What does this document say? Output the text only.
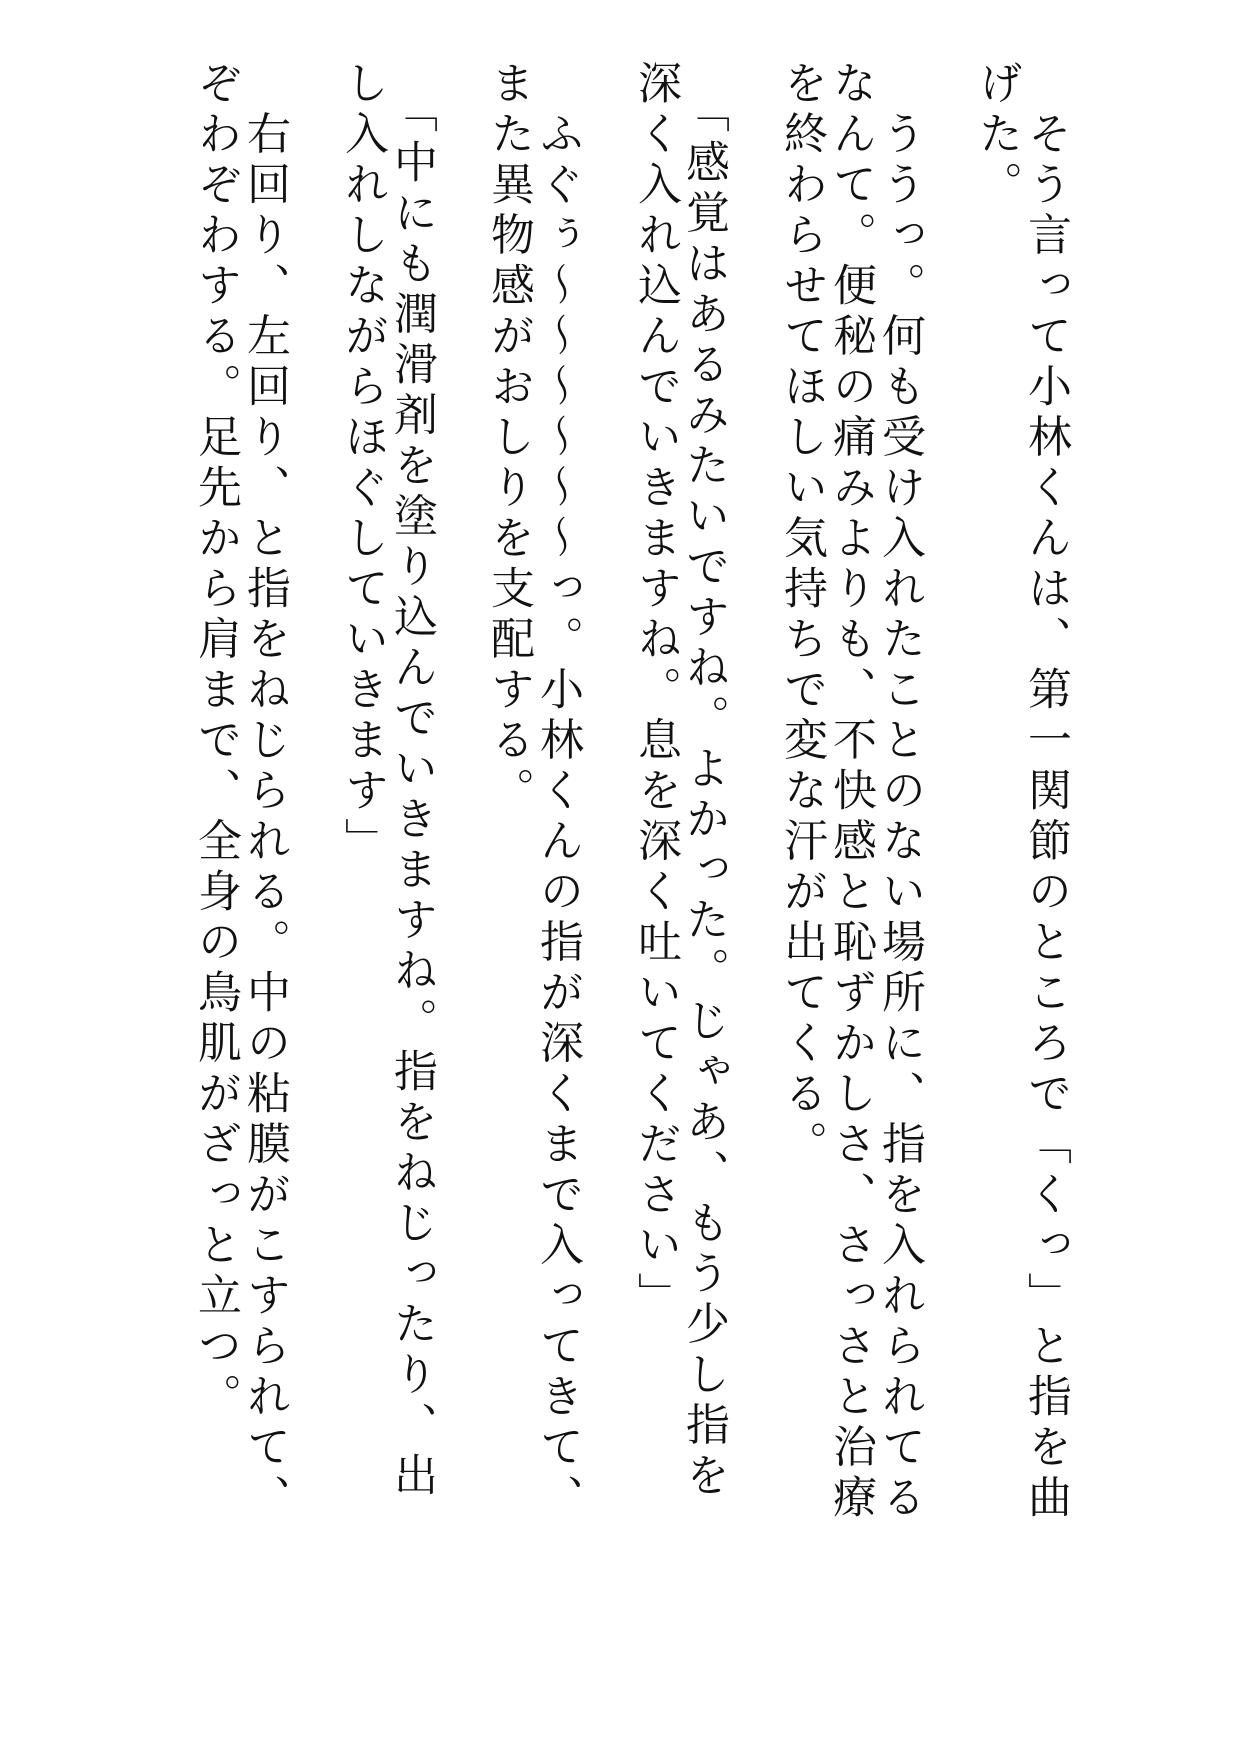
　そう言って小林くんは、第一関節のところで「くっ」と指を曲
げた。
　ううっ。何も受け入れたことのない場所に、指を入れられてる
なんて。便秘の痛みよりも、不快感と恥ずかしさ、さっさと治療
を終わらせてほしい気持ちで変な汗が出てくる。
　「感覚はあるみたいですね。よかった。じゃあ、もう少し指を
深く入れ込んでいきますね。息を深く吐いてください」
　ふぐぅ～～～～～～っ。小林くんの指が深くまで入ってきて、
また異物感がおしりを支配する。
　「中にも潤滑剤を塗り込んでいきますね。指をねじったり、出
し入れしながらほぐしていきます」
　右回り、左回り、と指をねじられる。中の粘膜がこすられて、
ぞわぞわする。足先から肩まで、全身の鳥肌がざっと立つ。
